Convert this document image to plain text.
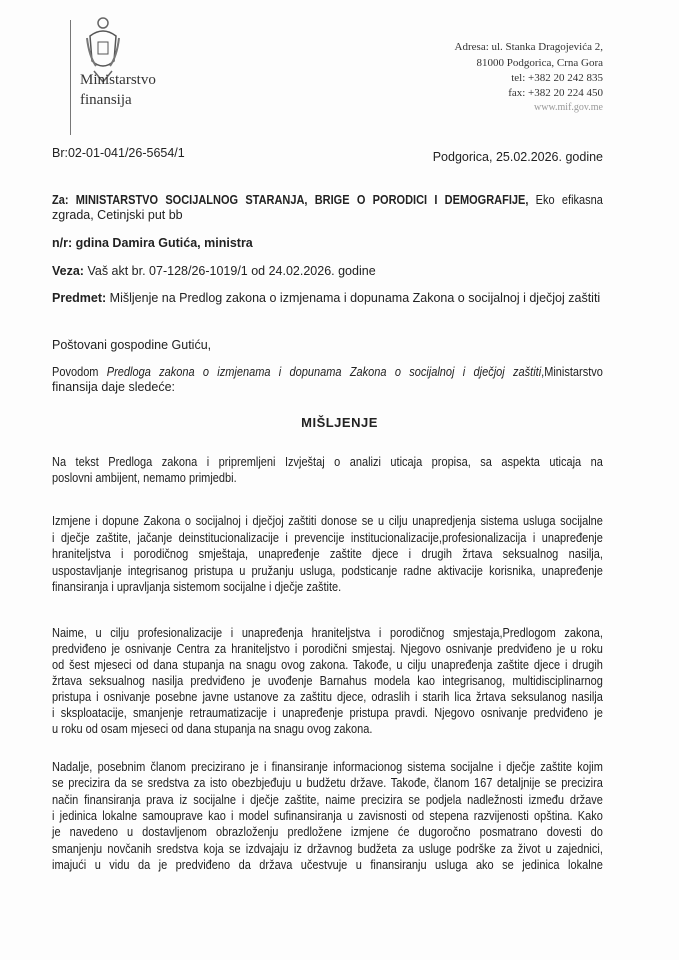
Ministarstvo
finansija
Adresa: ul. Stanka Dragojevića 2,
81000 Podgorica, Crna Gora
tel: +382 20 242 835
fax: +382 20 224 450
www.mif.gov.me
Br:02-01-041/26-5654/1	Podgorica, 25.02.2026. godine
Za: MINISTARSTVO SOCIJALNOG STARANJA, BRIGE O PORODICI I DEMOGRAFIJE, Eko efikasna
zgrada, Cetinjski put bb
n/r: gdina Damira Gutića, ministra
Veza: Vaš akt br. 07-128/26-1019/1 od 24.02.2026. godine
Predmet: Mišljenje na Predlog zakona o izmjenama i dopunama Zakona o socijalnoj i dječjoj zaštiti
Poštovani gospodine Gutiću,
Povodom Predloga zakona o izmjenama i dopunama Zakona o socijalnoj i dječjoj zaštiti,Ministarstvo
finansija daje sledeće:
MIŠLJENJE
Na tekst Predloga zakona i pripremljeni Izvještaj o analizi uticaja propisa, sa aspekta uticaja na
poslovni ambijent, nemamo primjedbi.
Izmjene i dopune Zakona o socijalnoj i dječjoj zaštiti donose se u cilju unapredjenja sistema usluga socijalne
i dječje zaštite, jačanje deinstitucionalizacije i prevencije institucionalizacije,profesionalizacija i unapređenje
hraniteljstva i porodičnog smještaja, unapređenje zaštite djece i drugih žrtava seksualnog nasilja,
uspostavljanje integrisanog pristupa u pružanju usluga, podsticanje radne aktivacije korisnika, unapređenje
finansiranja i upravljanja sistemom socijalne i dječje zaštite.
Naime, u cilju profesionalizacije i unapređenja hraniteljstva i porodičnog smjestaja,Predlogom zakona,
predviđeno je osnivanje Centra za hraniteljstvo i porodični smjestaj. Njegovo osnivanje predviđeno je u roku
od šest mjeseci od dana stupanja na snagu ovog zakona. Takođe, u cilju unapređenja zaštite djece i drugih
žrtava seksualnog nasilja predviđeno je uvođenje Barnahus modela kao integrisanog, multidisciplinarnog
pristupa i osnivanje posebne javne ustanove za zaštitu djece, odraslih i starih lica žrtava seksulanog nasilja
i sksploatacije, smanjenje retraumatizacije i unapređenje pristupa pravdi. Njegovo osnivanje predviđeno je
u roku od osam mjeseci od dana stupanja na snagu ovog zakona.
Nadalje, posebnim članom precizirano je i finansiranje informacionog sistema socijalne i dječje zaštite kojim
se precizira da se sredstva za isto obezbjeđuju u budžetu države. Takođe, članom 167 detaljnije se precizira
način finansiranja prava iz socijalne i dječje zaštite, naime precizira se podjela nadležnosti između države
i jedinica lokalne samouprave kao i model sufinansiranja u zavisnosti od stepena razvijenosti opština. Kako
je navedeno u dostavljenom obrazloženju predložene izmjene će dugoročno posmatrano dovesti do
smanjenju novčanih sredstva koja se izdvajaju iz državnog budžeta za usluge podrške za život u zajednici,
imajući u vidu da je predviđeno da država učestvuje u finansiranju usluga ako se jedinica lokalne
